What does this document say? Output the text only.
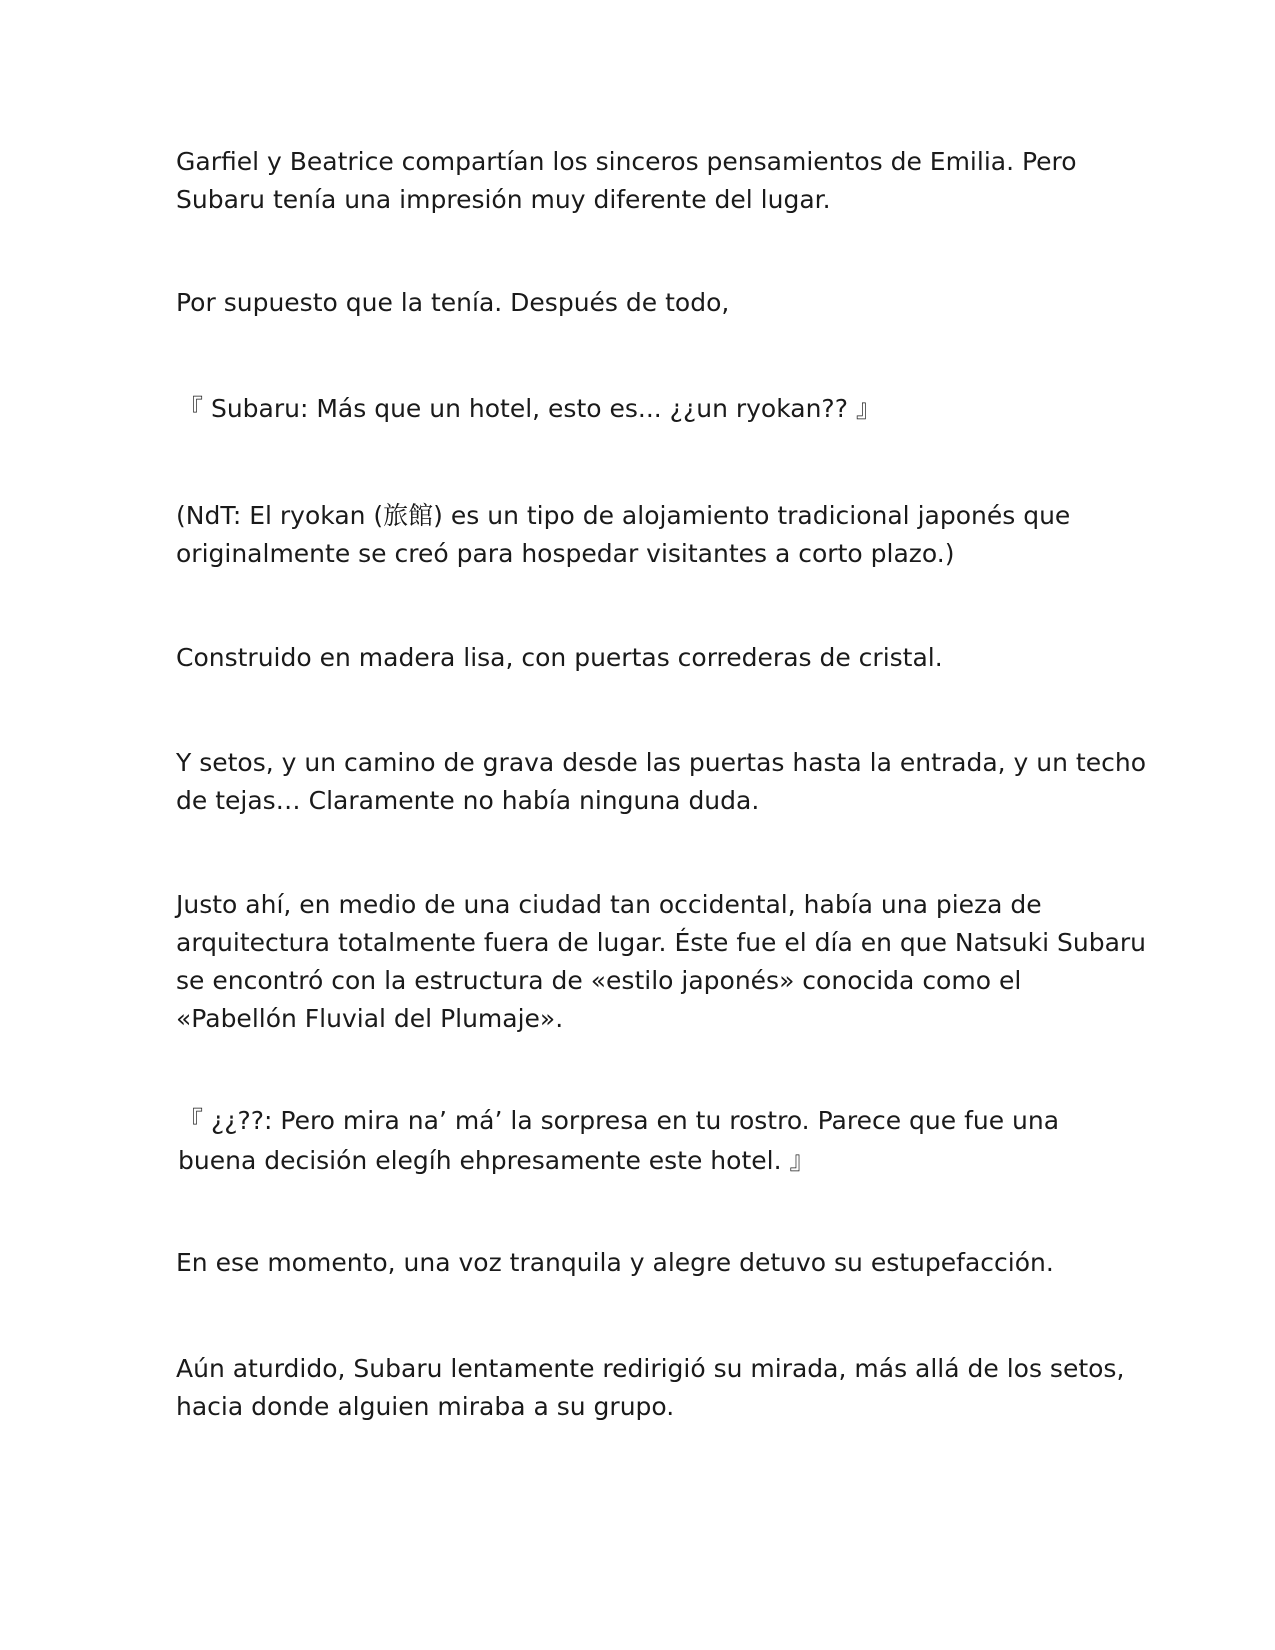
Garfiel y Beatrice compartían los sinceros pensamientos de Emilia. Pero
Subaru tenía una impresión muy diferente del lugar.

Por supuesto que la tenía. Después de todo,

『 Subaru: Más que un hotel, esto es... ¿¿un ryokan?? 』

(NdT: El ryokan (旅館) es un tipo de alojamiento tradicional japonés que
originalmente se creó para hospedar visitantes a corto plazo.)

Construido en madera lisa, con puertas correderas de cristal.

Y setos, y un camino de grava desde las puertas hasta la entrada, y un techo
de tejas… Claramente no había ninguna duda.

Justo ahí, en medio de una ciudad tan occidental, había una pieza de
arquitectura totalmente fuera de lugar. Éste fue el día en que Natsuki Subaru
se encontró con la estructura de «estilo japonés» conocida como el
«Pabellón Fluvial del Plumaje».

『 ¿¿??: Pero mira na’ má’ la sorpresa en tu rostro. Parece que fue una
buena decisión elegíh ehpresamente este hotel. 』

En ese momento, una voz tranquila y alegre detuvo su estupefacción.

Aún aturdido, Subaru lentamente redirigió su mirada, más allá de los setos,
hacia donde alguien miraba a su grupo.
